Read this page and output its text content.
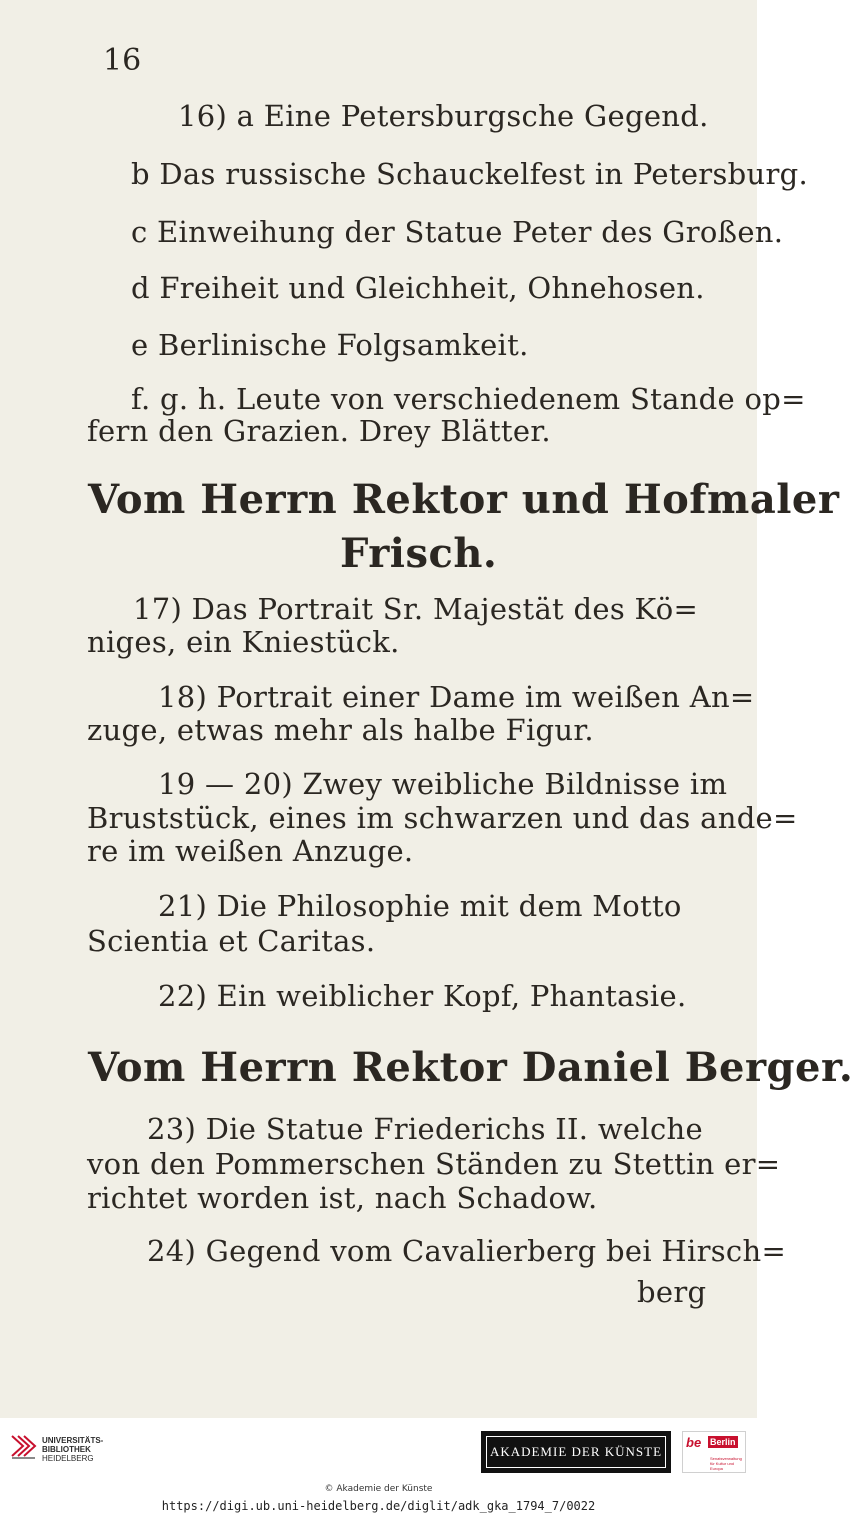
16

16) a Eine Petersburgsche Gegend.

b Das russische Schauckelfest in Petersburg.

c Einweihung der Statue Peter des Großen.

d Freiheit und Gleichheit, Ohnehosen.

e Berlinische Folgsamkeit.

f. g. h. Leute von verschiedenem Stande op=

fern den Grazien. Drey Blätter.

Vom Herrn Rektor und Hofmaler

Frisch.

17) Das Portrait Sr. Majestät des Kö=

niges, ein Kniestück.

18) Portrait einer Dame im weißen An=

zuge, etwas mehr als halbe Figur.

19 — 20) Zwey weibliche Bildnisse im

Bruststück, eines im schwarzen und das ande=

re im weißen Anzuge.

21) Die Philosophie mit dem Motto

Scientia et Caritas.

22) Ein weiblicher Kopf, Phantasie.

Vom Herrn Rektor Daniel Berger.

23) Die Statue Friederichs II. welche

von den Pommerschen Ständen zu Stettin er=

richtet worden ist, nach Schadow.

24) Gegend vom Cavalierberg bei Hirsch=

berg

UNIVERSITÄTS-
BIBLIOTHEK
HEIDELBERG	AKADEMIE DER KÜNSTE
be Berlin
Senatsverwaltung für Kultur und Europa
© Akademie der Künste
https://digi.ub.uni-heidelberg.de/diglit/adk_gka_1794_7/0022
